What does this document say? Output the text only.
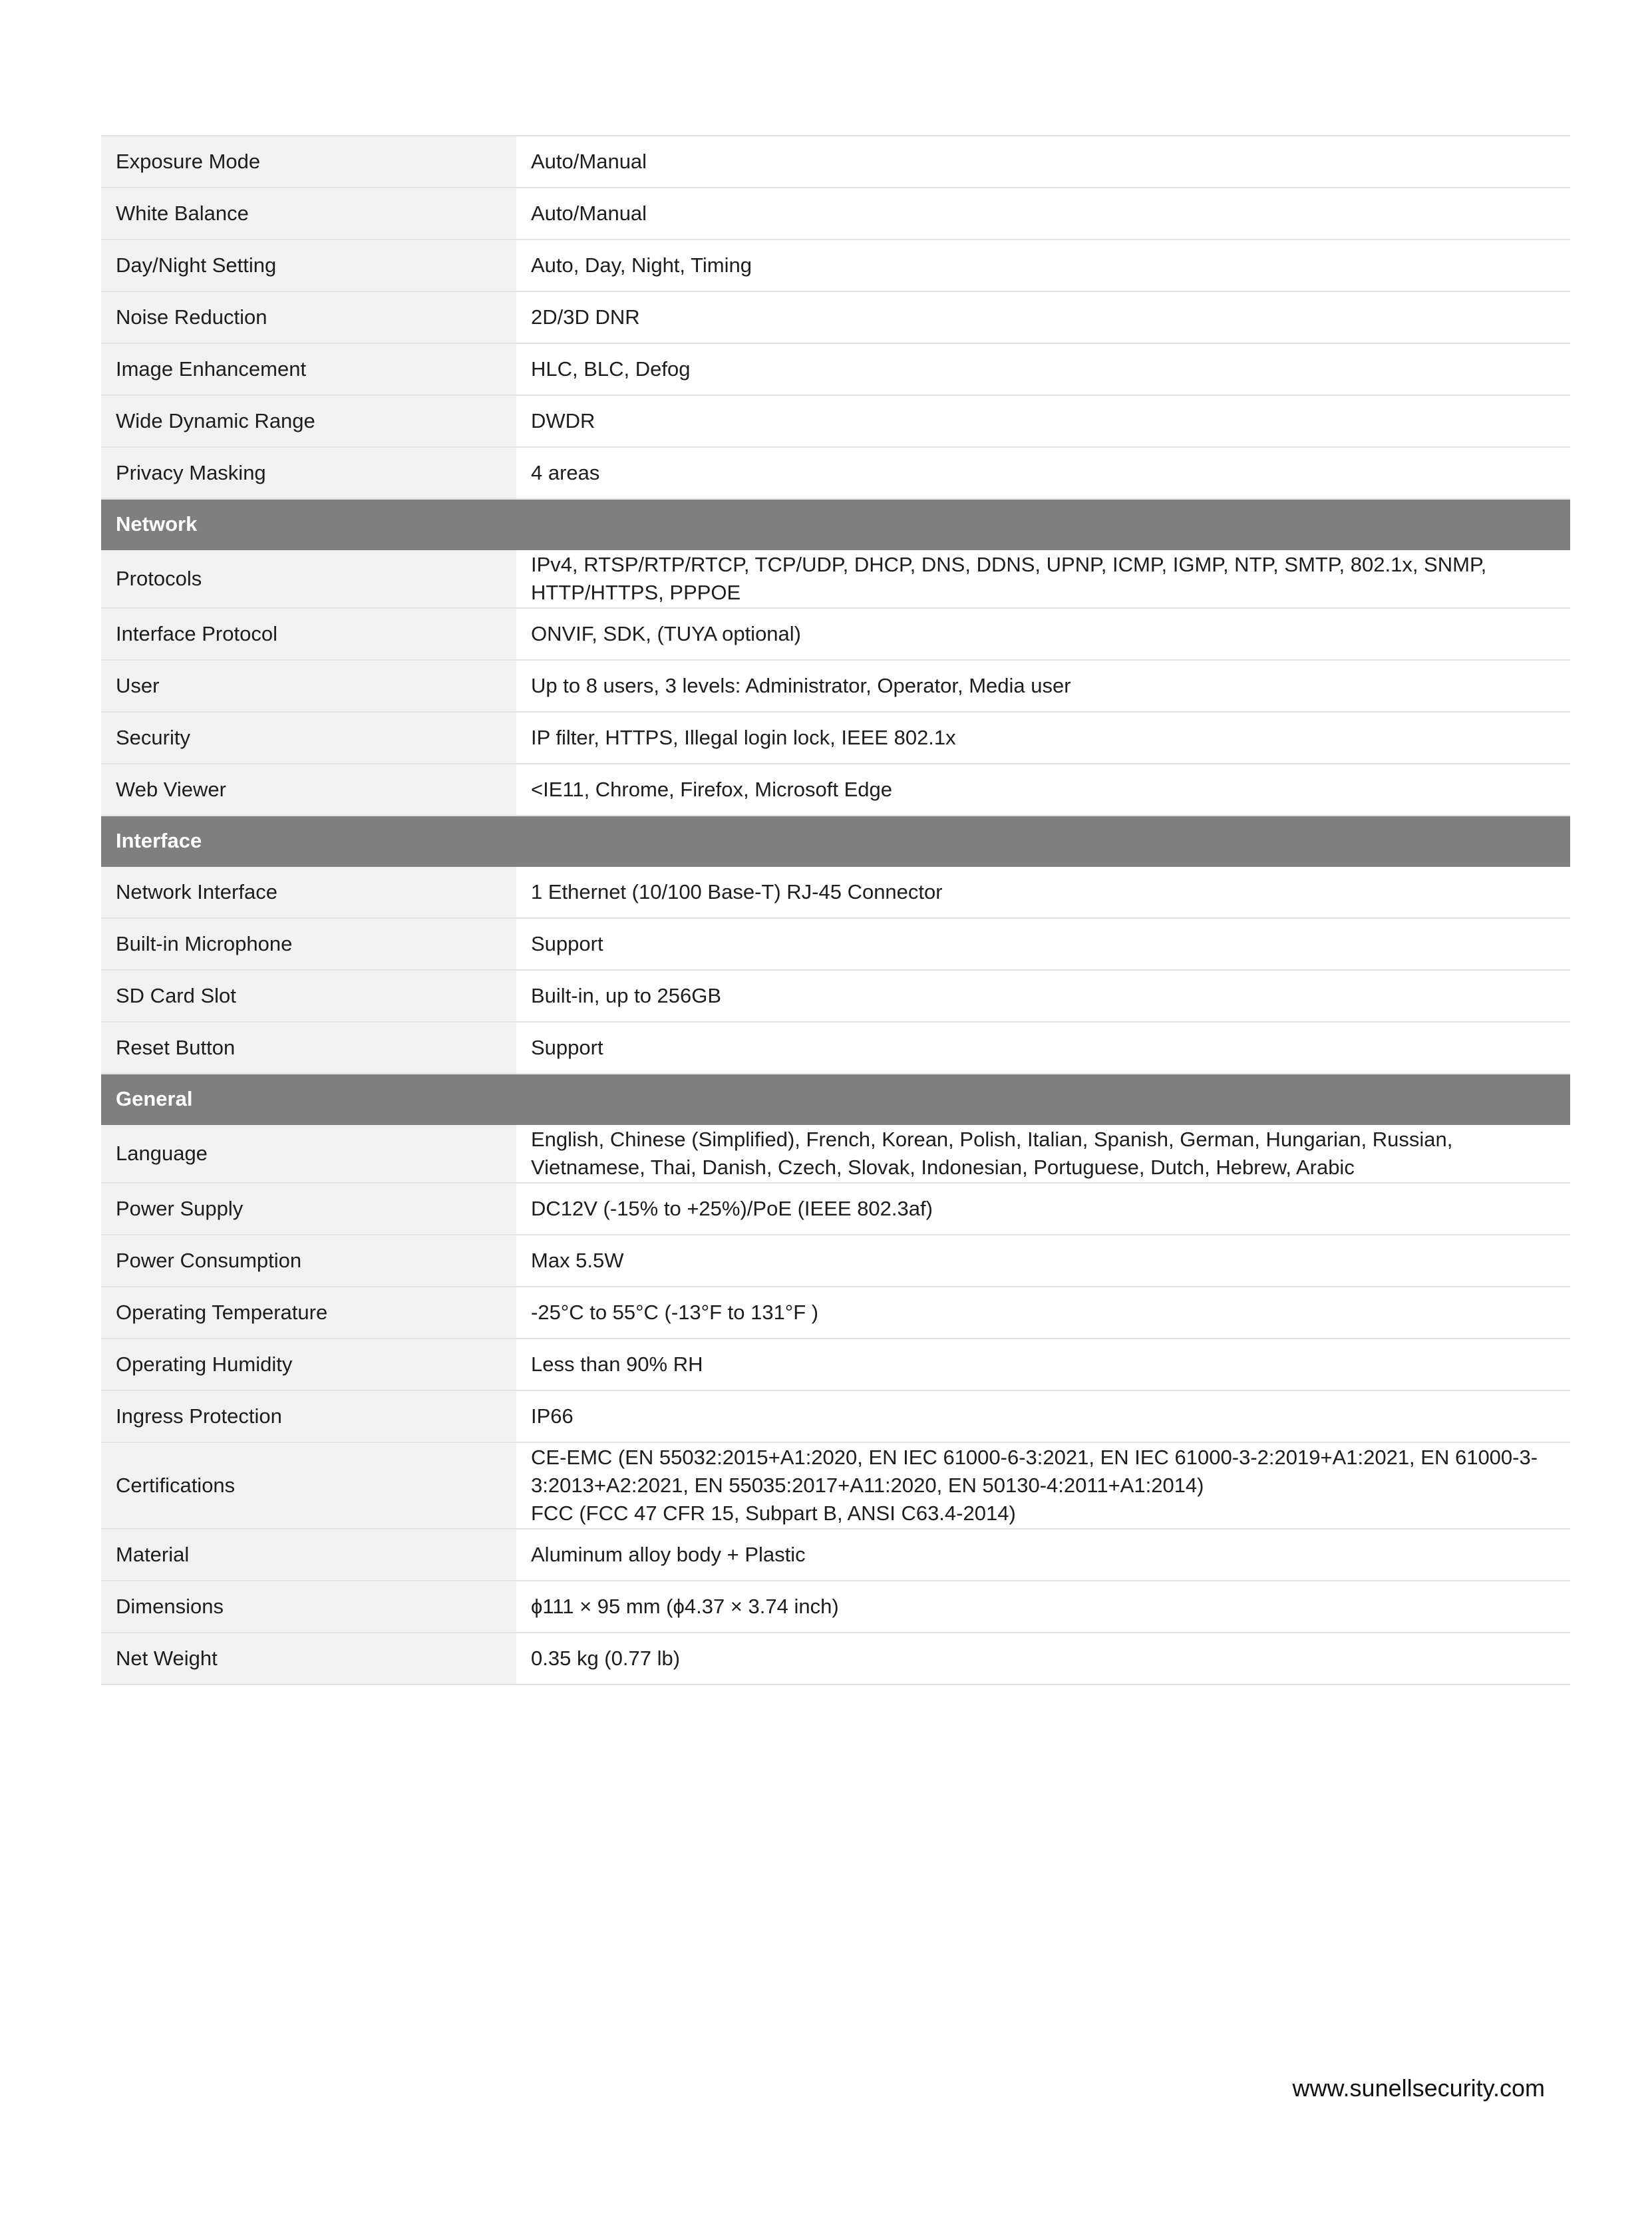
Exposure Mode	Auto/Manual
White Balance	Auto/Manual
Day/Night Setting	Auto, Day, Night, Timing
Noise Reduction	2D/3D DNR
Image Enhancement	HLC, BLC, Defog
Wide Dynamic Range	DWDR
Privacy Masking	4 areas
Network	
Protocols	IPv4, RTSP/RTP/RTCP, TCP/UDP, DHCP, DNS, DDNS, UPNP, ICMP, IGMP, NTP, SMTP, 802.1x, SNMP,
HTTP/HTTPS, PPPOE
Interface Protocol	ONVIF, SDK, (TUYA optional)
User	Up to 8 users, 3 levels: Administrator, Operator, Media user
Security	IP filter, HTTPS, Illegal login lock, IEEE 802.1x
Web Viewer	<IE11, Chrome, Firefox, Microsoft Edge
Interface	
Network Interface	1 Ethernet (10/100 Base-T) RJ-45 Connector
Built-in Microphone	Support
SD Card Slot	Built-in, up to 256GB
Reset Button	Support
General	
Language	English, Chinese (Simplified), French, Korean, Polish, Italian, Spanish, German, Hungarian, Russian,
Vietnamese, Thai, Danish, Czech, Slovak, Indonesian, Portuguese, Dutch, Hebrew, Arabic
Power Supply	DC12V (-15% to +25%)/PoE (IEEE 802.3af)
Power Consumption	Max 5.5W
Operating Temperature	-25°C to 55°C (-13°F to 131°F )
Operating Humidity	Less than 90% RH
Ingress Protection	IP66
Certifications	CE-EMC (EN 55032:2015+A1:2020, EN IEC 61000-6-3:2021, EN IEC 61000-3-2:2019+A1:2021, EN 61000-3-
3:2013+A2:2021, EN 55035:2017+A11:2020, EN 50130-4:2011+A1:2014)
FCC (FCC 47 CFR 15, Subpart B, ANSI C63.4-2014)
Material	Aluminum alloy body + Plastic
Dimensions	ϕ111 × 95 mm (ϕ4.37 × 3.74 inch)
Net Weight	0.35 kg (0.77 lb)
www.sunellsecurity.com
